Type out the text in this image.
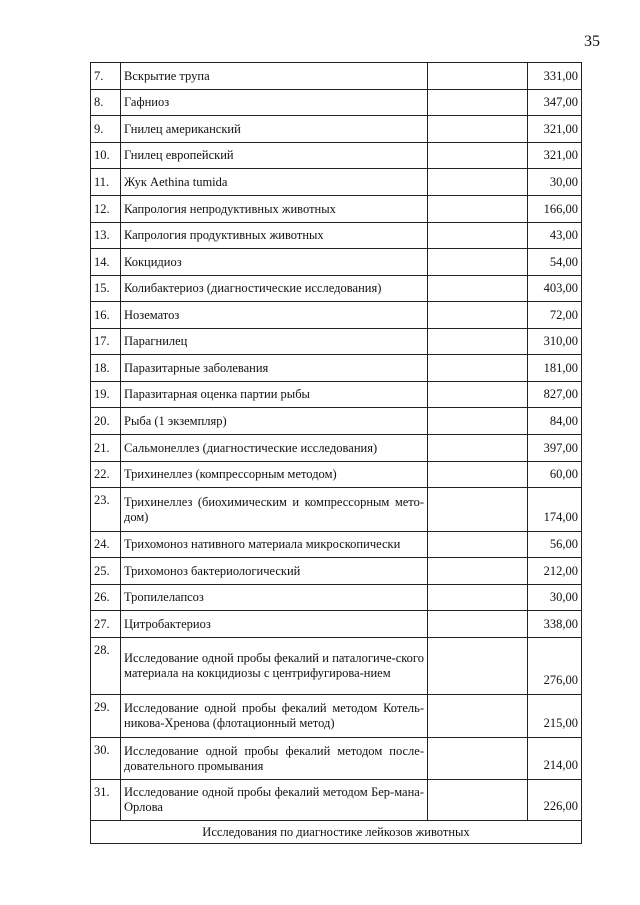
35
7.	Вскрытие трупа		331,00
8.	Гафниоз		347,00
9.	Гнилец американский		321,00
10.	Гнилец европейский		321,00
11.	Жук Aethina tumida		30,00
12.	Капрология непродуктивных животных		166,00
13.	Капрология продуктивных животных		43,00
14.	Кокцидиоз		54,00
15.	Колибактериоз (диагностические исследования)		403,00
16.	Нозематоз		72,00
17.	Парагнилец		310,00
18.	Паразитарные заболевания		181,00
19.	Паразитарная оценка партии рыбы		827,00
20.	Рыба (1 экземпляр)		84,00
21.	Сальмонеллез (диагностические исследования)		397,00
22.	Трихинеллез (компрессорным методом)		60,00
23.	Трихинеллез (биохимическим и компрессорным мето-дом)		174,00
24.	Трихомоноз нативного материала микроскопически		56,00
25.	Трихомоноз бактериологический		212,00
26.	Тропилелапсоз		30,00
27.	Цитробактериоз		338,00
28.	Исследование одной пробы фекалий и паталогиче-ского материала на кокцидиозы с центрифугирова-нием		276,00
29.	Исследование одной пробы фекалий методом Котель-никова-Хренова (флотационный метод)		215,00
30.	Исследование одной пробы фекалий методом после-довательного промывания		214,00
31.	Исследование одной пробы фекалий методом Бер-мана-Орлова		226,00
Исследования по диагностике лейкозов животных			
